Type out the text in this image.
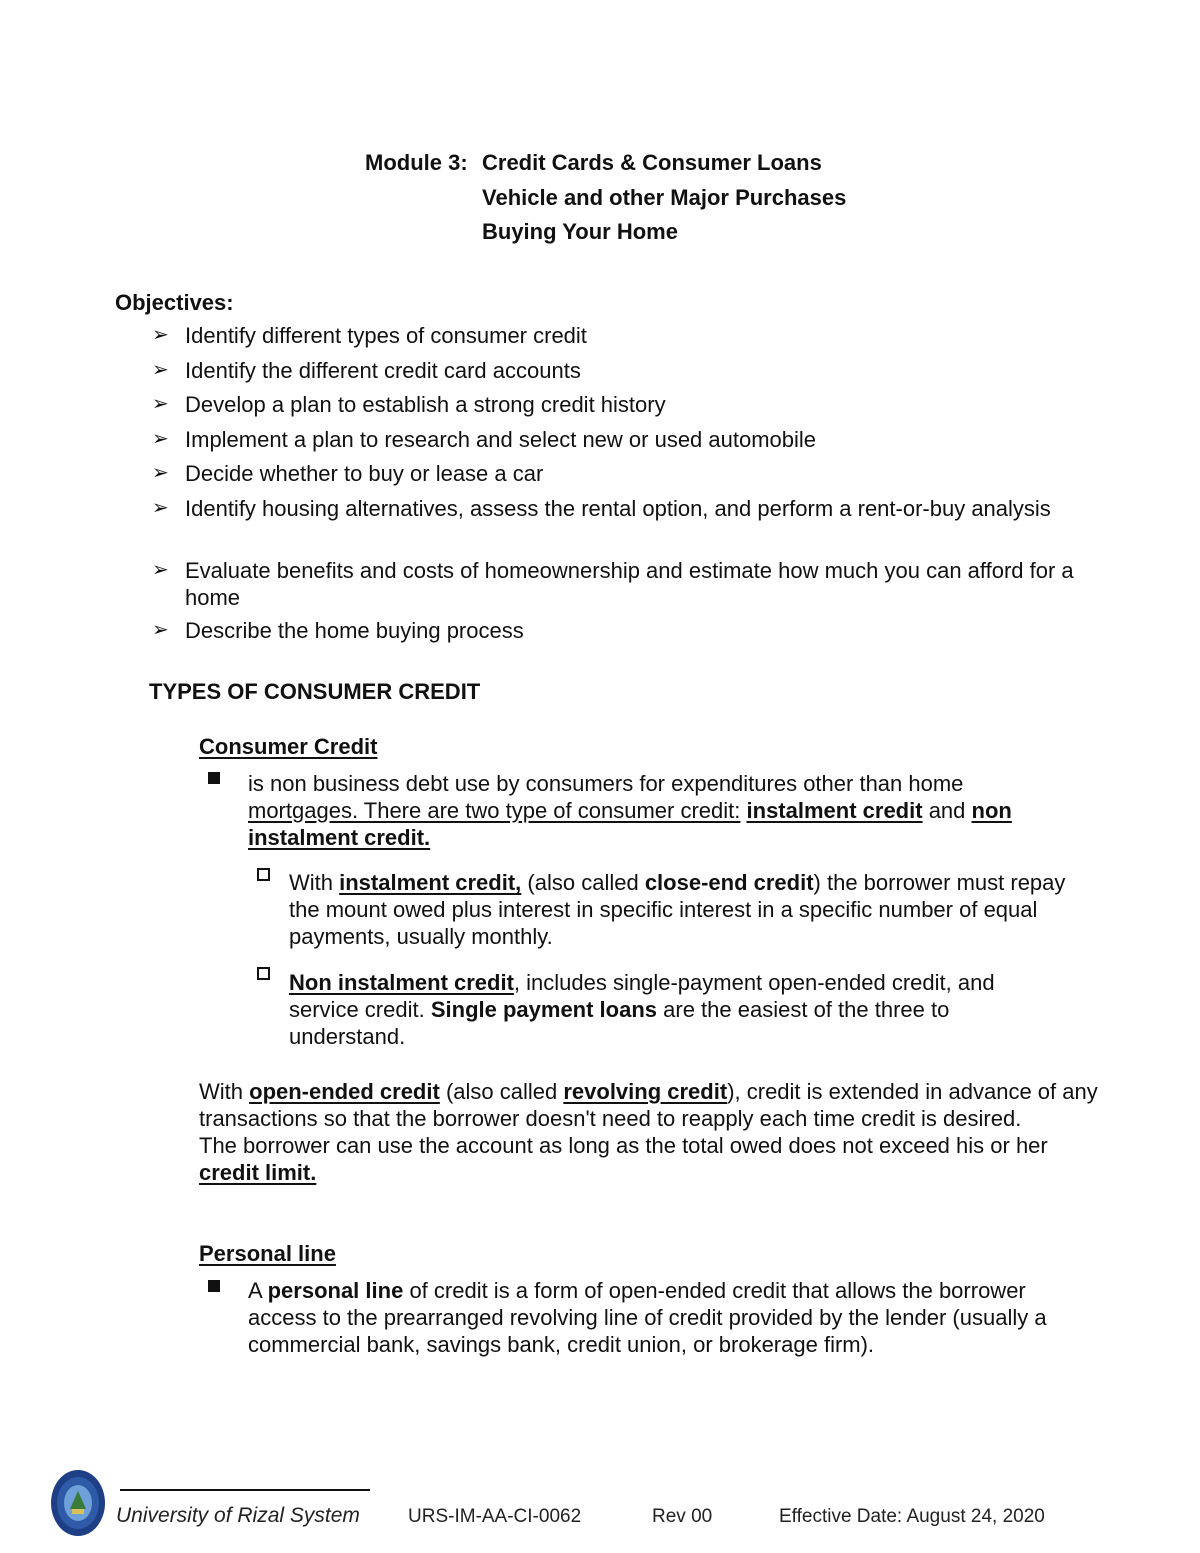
Module 3: Credit Cards & Consumer Loans
Vehicle and other Major Purchases
Buying Your Home
Objectives:
➢ Identify different types of consumer credit
➢ Identify the different credit card accounts
➢ Develop a plan to establish a strong credit history
➢ Implement a plan to research and select new or used automobile
➢ Decide whether to buy or lease a car
➢ Identify housing alternatives, assess the rental option, and perform a rent-or-buy analysis
➢ Evaluate benefits and costs of homeownership and estimate how much you can afford for a home
➢ Describe the home buying process
TYPES OF CONSUMER CREDIT
Consumer Credit
is non business debt use by consumers for expenditures other than home
mortgages. There are two type of consumer credit: instalment credit and non
instalment credit.
With instalment credit, (also called close-end credit) the borrower must repay the mount owed plus interest in specific interest in a specific number of equal payments, usually monthly.
Non instalment credit, includes single-payment open-ended credit, and service credit. Single payment loans are the easiest of the three to understand.
With open-ended credit (also called revolving credit), credit is extended in advance of any transactions so that the borrower doesn't need to reapply each time credit is desired.
The borrower can use the account as long as the total owed does not exceed his or her credit limit.
Personal line
A personal line of credit is a form of open-ended credit that allows the borrower access to the prearranged revolving line of credit provided by the lender (usually a commercial bank, savings bank, credit union, or brokerage firm).
University of Rizal System	URS-IM-AA-CI-0062	Rev 00	Effective Date: August 24, 2020
